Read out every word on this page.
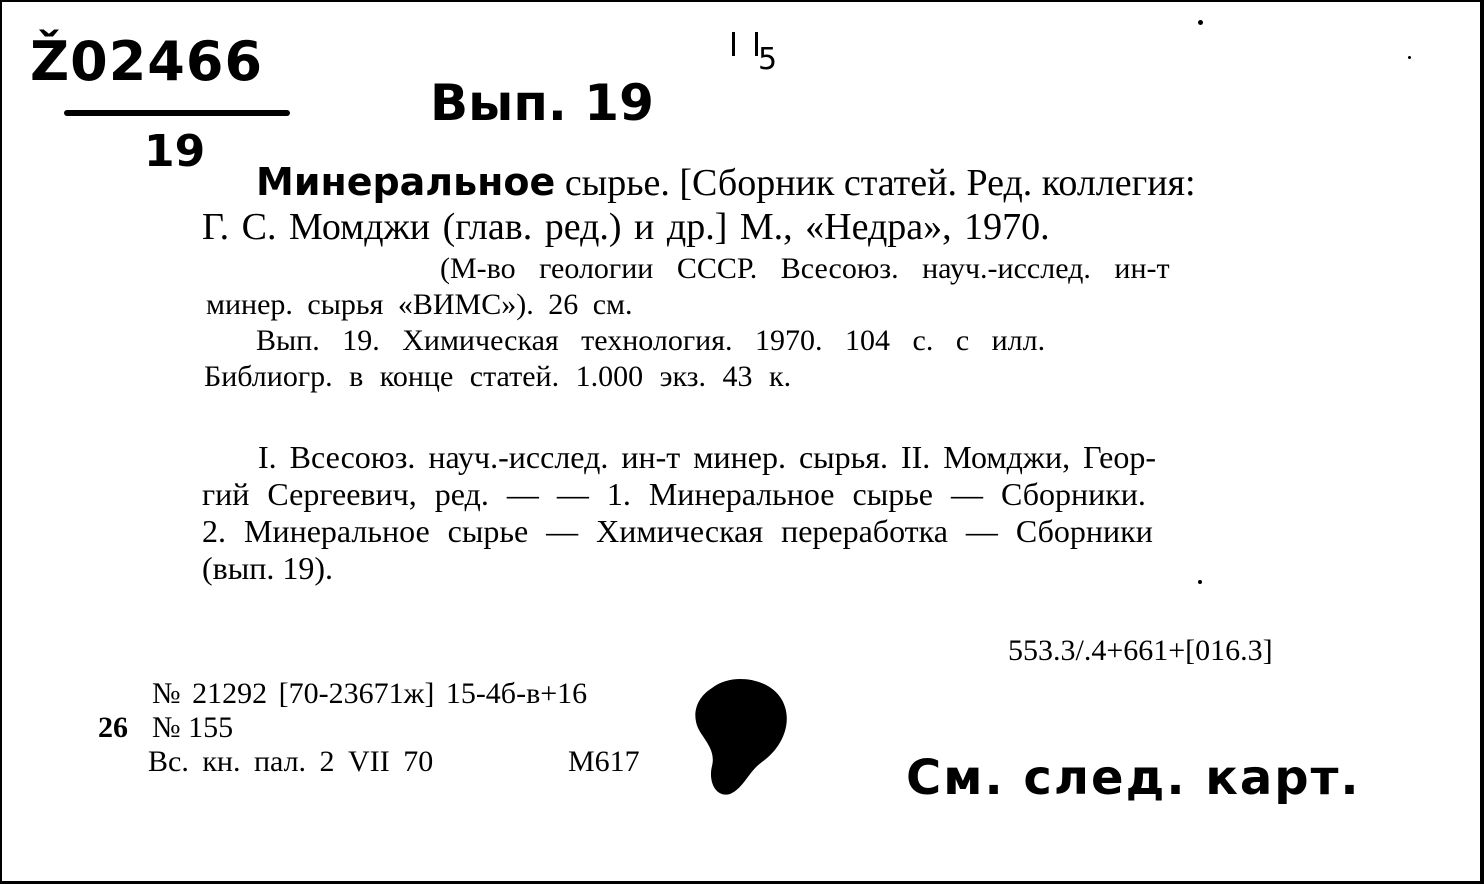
Ž02466
19
Вып. 19
5
Минеральное сырье. [Сборник статей. Ред. коллегия:
Г. С. Момджи (глав. ред.) и др.] М., «Недра», 1970.
(М-во геологии СССР. Всесоюз. науч.-исслед. ин-т
минер. сырья «ВИМС»). 26 см.
Вып. 19. Химическая технология. 1970. 104 с. с илл.
Библиогр. в конце статей. 1.000 экз. 43 к.
I. Всесоюз. науч.-исслед. ин-т минер. сырья. II. Момджи, Геор-
гий Сергеевич, ред. — — 1. Минеральное сырье — Сборники.
2. Минеральное сырье — Химическая переработка — Сборники
(вып. 19).
553.3/.4+661+[016.3]
№ 21292 [70-23671ж] 15-4б-в+16
26 № 155
Вс. кн. пал. 2 VII 70	М617	См. след. карт.
